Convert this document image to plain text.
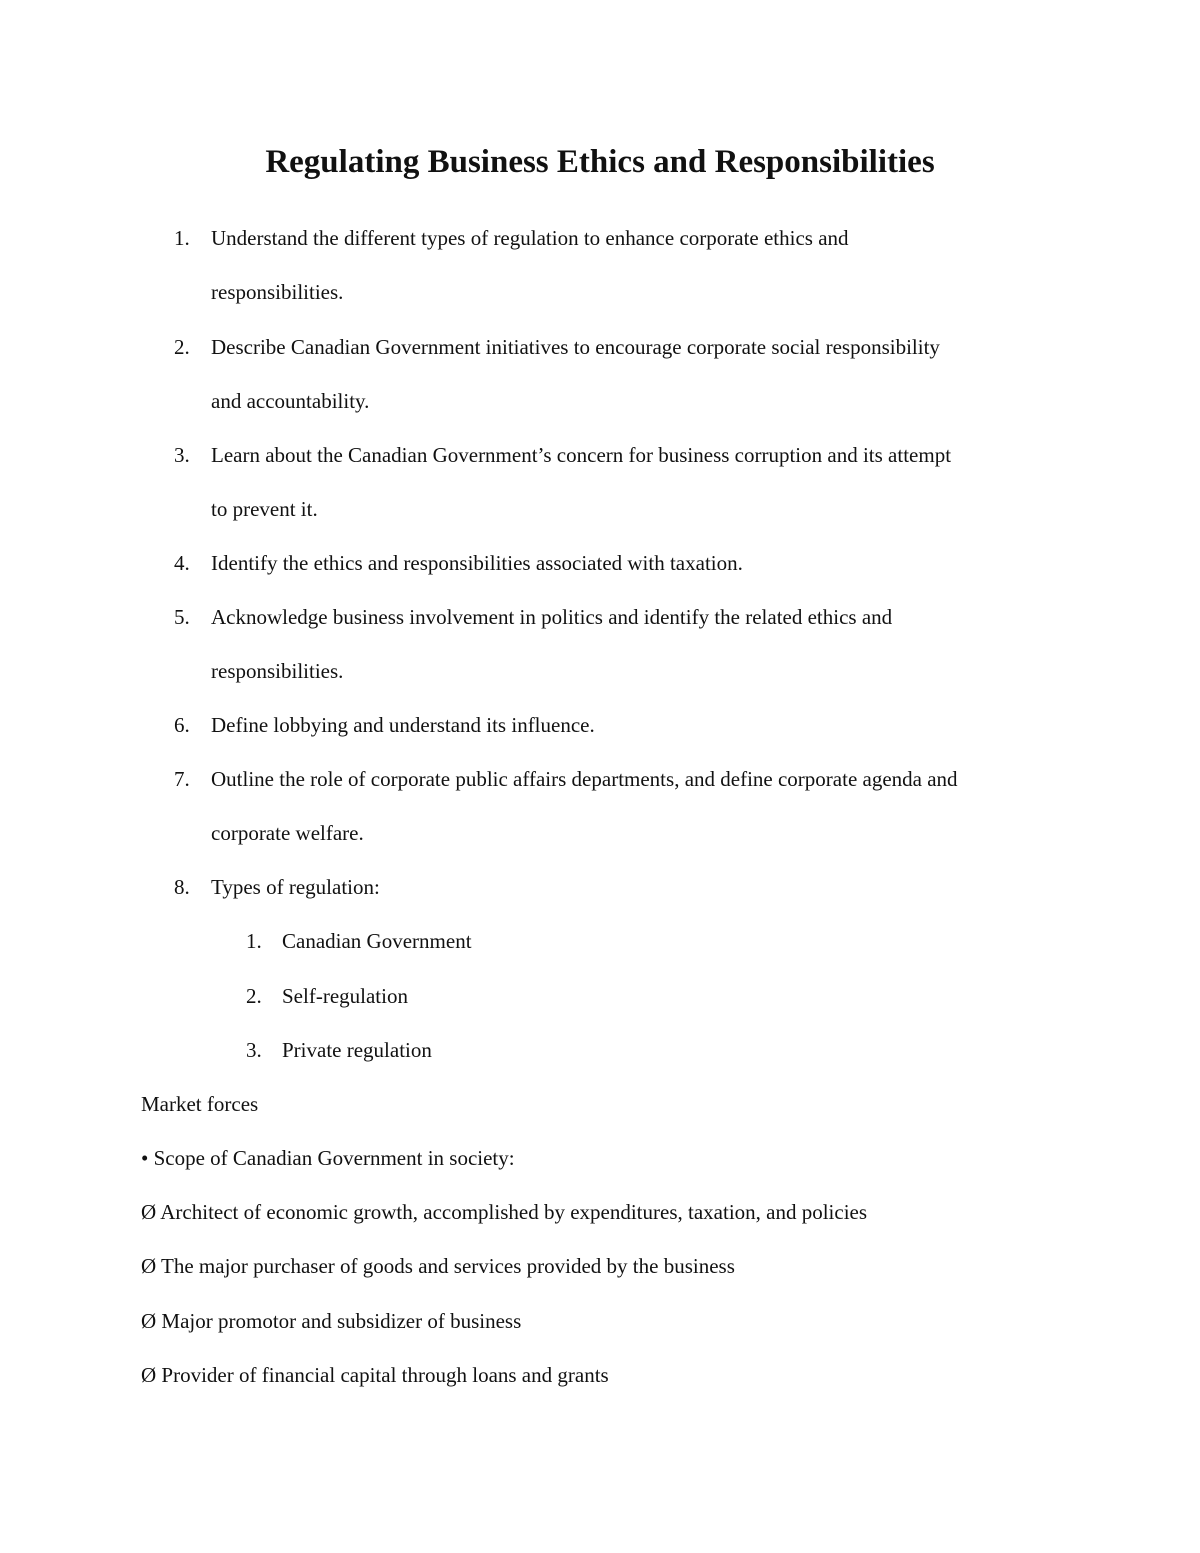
Regulating Business Ethics and Responsibilities
1. Understand the different types of regulation to enhance corporate ethics and
responsibilities.
2. Describe Canadian Government initiatives to encourage corporate social responsibility
and accountability.
3. Learn about the Canadian Government’s concern for business corruption and its attempt
to prevent it.
4. Identify the ethics and responsibilities associated with taxation.
5. Acknowledge business involvement in politics and identify the related ethics and
responsibilities.
6. Define lobbying and understand its influence.
7. Outline the role of corporate public affairs departments, and define corporate agenda and
corporate welfare.
8. Types of regulation:
1. Canadian Government
2. Self-regulation
3. Private regulation
Market forces
• Scope of Canadian Government in society:
Ø Architect of economic growth, accomplished by expenditures, taxation, and policies
Ø The major purchaser of goods and services provided by the business
Ø Major promotor and subsidizer of business
Ø Provider of financial capital through loans and grants
